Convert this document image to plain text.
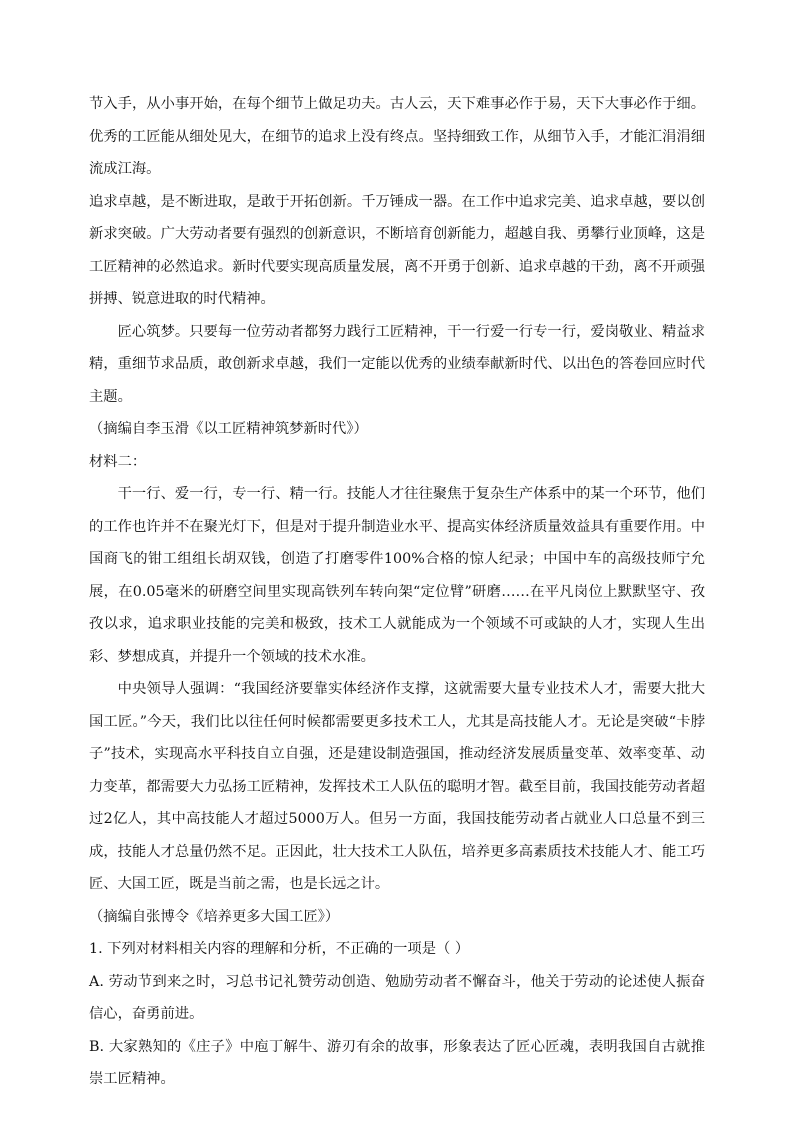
节入手，从小事开始，在每个细节上做足功夫。古人云，天下难事必作于易，天下大事必作于细。优秀的工匠能从细处见大，在细节的追求上没有终点。坚持细致工作，从细节入手，才能汇涓涓细流成江海。

追求卓越，是不断进取，是敢于开拓创新。千万锤成一器。在工作中追求完美、追求卓越，要以创新求突破。广大劳动者要有强烈的创新意识，不断培育创新能力，超越自我、勇攀行业顶峰，这是工匠精神的必然追求。新时代要实现高质量发展，离不开勇于创新、追求卓越的干劲，离不开顽强拼搏、锐意进取的时代精神。

匠心筑梦。只要每一位劳动者都努力践行工匠精神，干一行爱一行专一行，爱岗敬业、精益求精，重细节求品质，敢创新求卓越，我们一定能以优秀的业绩奉献新时代、以出色的答卷回应时代主题。

（摘编自李玉滑《以工匠精神筑梦新时代》）

材料二：

干一行、爱一行，专一行、精一行。技能人才往往聚焦于复杂生产体系中的某一个环节，他们的工作也许并不在聚光灯下，但是对于提升制造业水平、提高实体经济质量效益具有重要作用。中国商飞的钳工组组长胡双钱，创造了打磨零件100%合格的惊人纪录；中国中车的高级技师宁允展，在0.05毫米的研磨空间里实现高铁列车转向架“定位臂”研磨……在平凡岗位上默默坚守、孜孜以求，追求职业技能的完美和极致，技术工人就能成为一个领域不可或缺的人才，实现人生出彩、梦想成真，并提升一个领域的技术水准。

中央领导人强调：“我国经济要靠实体经济作支撑，这就需要大量专业技术人才，需要大批大国工匠。”今天，我们比以往任何时候都需要更多技术工人，尤其是高技能人才。无论是突破“卡脖子”技术，实现高水平科技自立自强，还是建设制造强国，推动经济发展质量变革、效率变革、动力变革，都需要大力弘扬工匠精神，发挥技术工人队伍的聪明才智。截至目前，我国技能劳动者超过2亿人，其中高技能人才超过5000万人。但另一方面，我国技能劳动者占就业人口总量不到三成，技能人才总量仍然不足。正因此，壮大技术工人队伍，培养更多高素质技术技能人才、能工巧匠、大国工匠，既是当前之需，也是长远之计。

（摘编自张博令《培养更多大国工匠》）

1. 下列对材料相关内容的理解和分析，不正确的一项是（ ）

A. 劳动节到来之时，习总书记礼赞劳动创造、勉励劳动者不懈奋斗，他关于劳动的论述使人振奋信心，奋勇前进。

B. 大家熟知的《庄子》中庖丁解牛、游刃有余的故事，形象表达了匠心匠魂，表明我国自古就推崇工匠精神。
